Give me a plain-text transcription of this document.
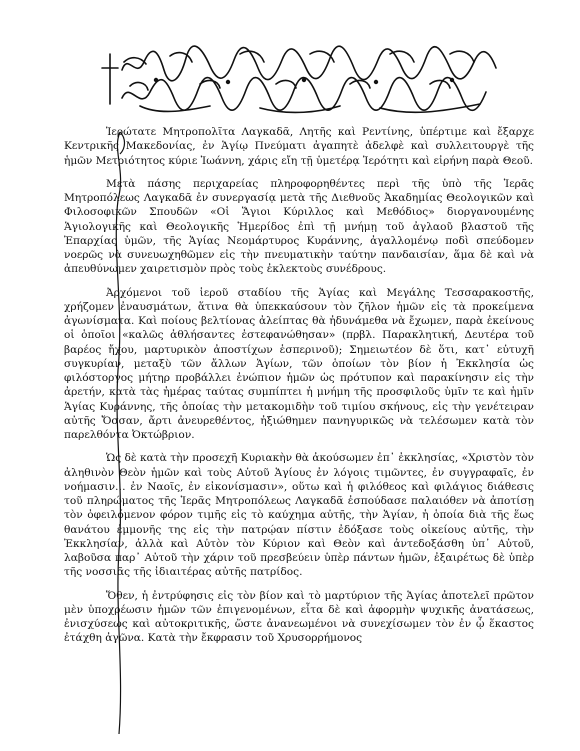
Ἱερώτατε Μητροπολῖτα Λαγκαδᾶ, Λητῆς καὶ Ρεντίνης, ὑπέρτιμε καὶ ἔξαρχε Κεντρικῆς Μακεδονίας, ἐν Ἁγίῳ Πνεύματι ἀγαπητὲ ἀδελφὲ καὶ συλλειτουργὲ τῆς ἡμῶν Μετριότητος κύριε Ἰωάννη, χάρις εἴη τῇ ὑμετέρᾳ Ἱερότητι καὶ εἰρήνη παρὰ Θεοῦ.

Μετὰ πάσης περιχαρείας πληροφορηθέντες περὶ τῆς ὑπὸ τῆς Ἱερᾶς Μητροπόλεως Λαγκαδᾶ ἐν συνεργασίᾳ μετὰ τῆς Διεθνοῦς Ἀκαδημίας Θεολογικῶν καὶ Φιλοσοφικῶν Σπουδῶν «Οἱ Ἅγιοι Κύριλλος καὶ Μεθόδιος» διοργανουμένης Ἁγιολογικῆς καὶ Θεολογικῆς Ἡμερίδος ἐπὶ τῇ μνήμῃ τοῦ ἀγλαοῦ βλαστοῦ τῆς Ἐπαρχίας ὑμῶν, τῆς Ἁγίας Νεομάρτυρος Κυράννης, ἀγαλλομένῳ ποδὶ σπεύδομεν νοερῶς νὰ συνευωχηθῶμεν εἰς τὴν πνευματικὴν ταύτην πανδαισίαν, ἅμα δὲ καὶ νὰ ἀπευθύνωμεν χαιρετισμὸν πρὸς τοὺς ἐκλεκτοὺς συνέδρους.

Ἀρχόμενοι τοῦ ἱεροῦ σταδίου τῆς Ἁγίας καὶ Μεγάλης Τεσσαρακοστῆς, χρήζομεν ἐναυσμάτων, ἅτινα θὰ ὑπεκκαύσουν τὸν ζῆλον ἡμῶν εἰς τὰ προκείμενα ἀγωνίσματα. Καὶ ποίους βελτίονας ἀλείπτας θὰ ἠδυνάμεθα νὰ ἔχωμεν, παρὰ ἐκείνους οἱ ὁποῖοι «καλῶς ἀθλήσαντες ἐστεφανώθησαν» (πρβλ. Παρακλητική, Δευτέρα τοῦ βαρέος ἤχου, μαρτυρικὸν ἀποστίχων ἑσπερινοῦ); Σημειωτέον δὲ ὅτι, κατ᾿ εὐτυχῆ συγκυρίαν, μεταξὺ τῶν ἄλλων Ἁγίων, τῶν ὁποίων τὸν βίον ἡ Ἐκκλησία ὡς φιλόστοργος μήτηρ προβάλλει ἐνώπιον ἡμῶν ὡς πρότυπον καὶ παρακίνησιν εἰς τὴν ἀρετήν, κατὰ τὰς ἡμέρας ταύτας συμπίπτει ἡ μνήμη τῆς προσφιλοῦς ὑμῖν τε καὶ ἡμῖν Ἁγίας Κυράννης, τῆς ὁποίας τὴν μετακομιδὴν τοῦ τιμίου σκήνους, εἰς τὴν γενέτειραν αὐτῆς Ὄσσαν, ἄρτι ἀνευρεθέντος, ἠξιώθημεν πανηγυρικῶς νὰ τελέσωμεν κατὰ τὸν παρελθόντα Ὀκτώβριον.

Ὡς δὲ κατὰ τὴν προσεχῆ Κυριακὴν θὰ ἀκούσωμεν ἐπ᾿ ἐκκλησίας, «Χριστὸν τὸν ἀληθινὸν Θεὸν ἡμῶν καὶ τοὺς Αὐτοῦ Ἁγίους ἐν λόγοις τιμῶντες, ἐν συγγραφαῖς, ἐν νοήμασιν… ἐν Ναοῖς, ἐν εἰκονίσμασιν», οὕτω καὶ ἡ φιλόθεος καὶ φιλάγιος διάθεσις τοῦ πληρώματος τῆς Ἱερᾶς Μητροπόλεως Λαγκαδᾶ ἐσπούδασε παλαιόθεν νὰ ἀποτίσῃ τὸν ὀφειλόμενον φόρον τιμῆς εἰς τὸ καύχημα αὐτῆς, τὴν Ἁγίαν, ἡ ὁποία διὰ τῆς ἕως θανάτου ἐμμονῆς της εἰς τὴν πατρῴαν πίστιν ἐδόξασε τοὺς οἰκείους αὐτῆς, τὴν Ἐκκλησίαν, ἀλλὰ καὶ Αὐτὸν τὸν Κύριον καὶ Θεὸν καὶ ἀντεδοξάσθη ὑπ᾿ Αὐτοῦ, λαβοῦσα παρ᾿ Αὐτοῦ τὴν χάριν τοῦ πρεσβεύειν ὑπὲρ πάντων ἡμῶν, ἐξαιρέτως δὲ ὑπὲρ τῆς νοσσιᾶς τῆς ἰδιαιτέρας αὐτῆς πατρίδος.

Ὅθεν, ἡ ἐντρύφησις εἰς τὸν βίον καὶ τὸ μαρτύριον τῆς Ἁγίας ἀποτελεῖ πρῶτον μὲν ὑποχρέωσιν ἡμῶν τῶν ἐπιγενομένων, εἶτα δὲ καὶ ἀφορμὴν ψυχικῆς ἀνατάσεως, ἐνισχύσεως καὶ αὐτοκριτικῆς, ὥστε ἀνανεωμένοι νὰ συνεχίσωμεν τὸν ἐν ᾧ ἕκαστος ἐτάχθη ἀγῶνα. Κατὰ τὴν ἔκφρασιν τοῦ Χρυσορρήμονος
